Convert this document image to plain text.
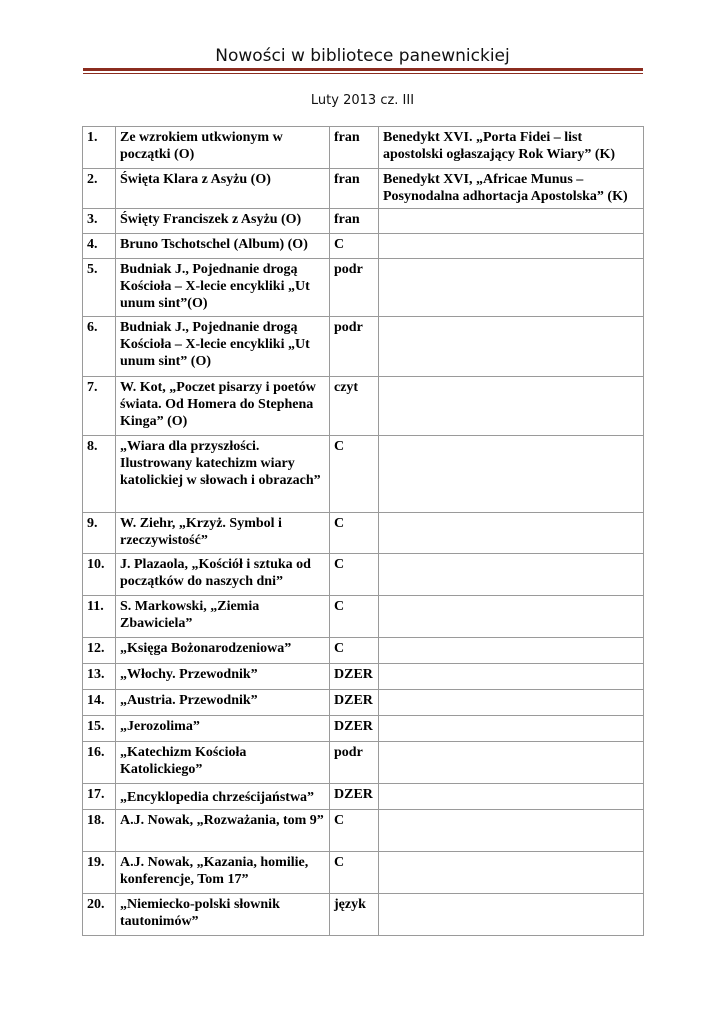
Nowości w bibliotece panewnickiej
Luty 2013 cz. III
1.	Ze wzrokiem utkwionym w początki (O)	fran	Benedykt XVI. „Porta Fidei – list apostolski ogłaszający Rok Wiary” (K)
2.	Święta Klara z Asyżu (O)	fran	Benedykt XVI, „Africae Munus – Posynodalna adhortacja Apostolska” (K)
3.	Święty Franciszek z Asyżu (O)	fran	
4.	Bruno Tschotschel (Album) (O)	C	
5.	Budniak J., Pojednanie drogą Kościoła – X-lecie encykliki „Ut unum sint”(O)	podr	
6.	Budniak J., Pojednanie drogą Kościoła – X-lecie encykliki „Ut unum sint” (O)	podr	
7.	W. Kot, „Poczet pisarzy i poetów świata. Od Homera do Stephena Kinga” (O)	czyt	
8.	„Wiara dla przyszłości. Ilustrowany katechizm wiary katolickiej w słowach i obrazach”	C	
9.	W. Ziehr, „Krzyż. Symbol i rzeczywistość”	C	
10.	J. Plazaola, „Kościół i sztuka od początków do naszych dni”	C	
11.	S. Markowski, „Ziemia Zbawiciela”	C	
12.	„Księga Bożonarodzeniowa”	C	
13.	„Włochy. Przewodnik”	DZER	
14.	„Austria. Przewodnik”	DZER	
15.	„Jerozolima”	DZER	
16.	„Katechizm Kościoła Katolickiego”	podr	
17.	„Encyklopedia chrześcijaństwa”	DZER	
18.	A.J. Nowak, „Rozważania, tom 9”	C	
19.	A.J. Nowak, „Kazania, homilie, konferencje, Tom 17”	C	
20.	„Niemiecko-polski słownik tautonimów”	język	
